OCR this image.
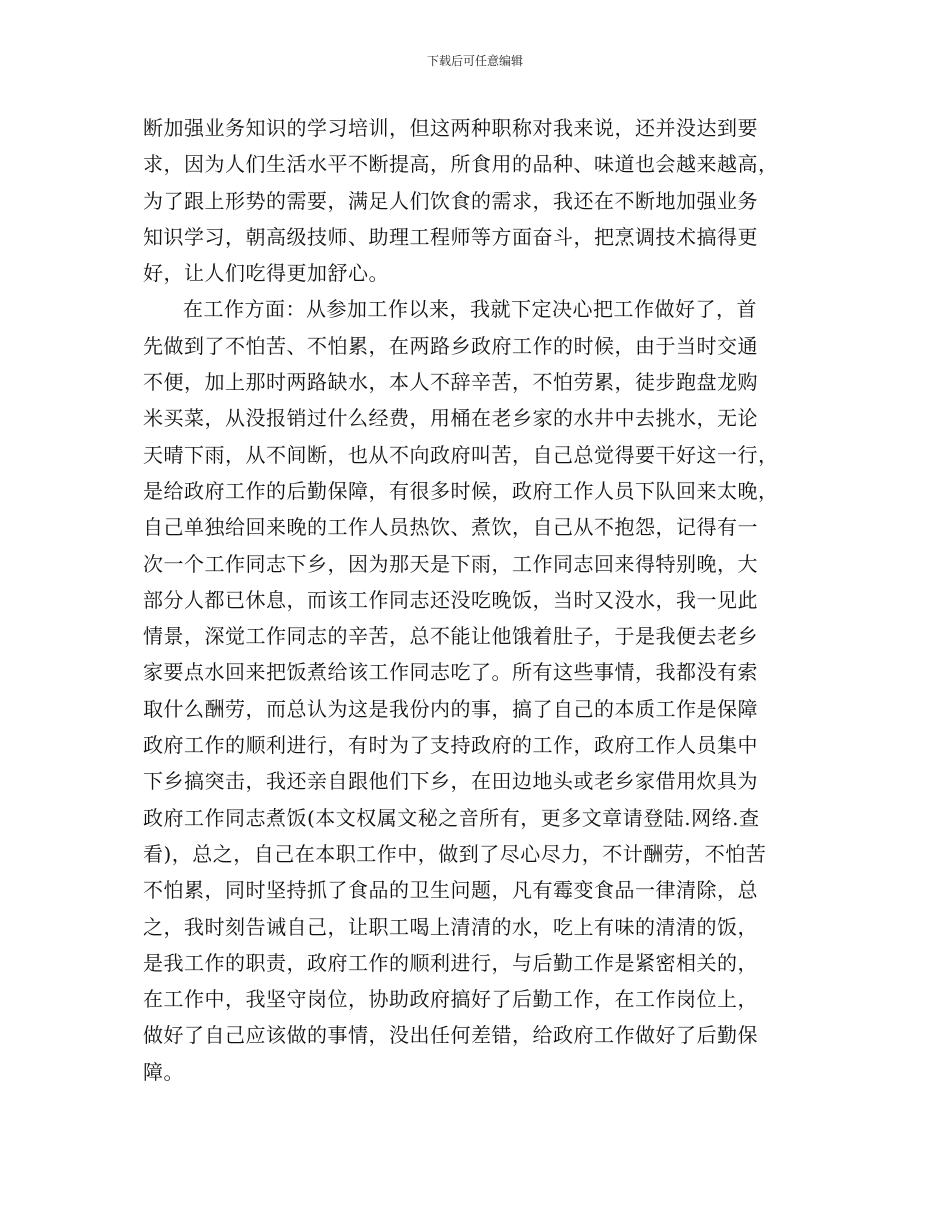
下载后可任意编辑
断加强业务知识的学习培训，但这两种职称对我来说，还并没达到要
求，因为人们生活水平不断提高，所食用的品种、味道也会越来越高，
为了跟上形势的需要，满足人们饮食的需求，我还在不断地加强业务
知识学习，朝高级技师、助理工程师等方面奋斗，把烹调技术搞得更
好，让人们吃得更加舒心。
在工作方面：从参加工作以来，我就下定决心把工作做好了，首
先做到了不怕苦、不怕累，在两路乡政府工作的时候，由于当时交通
不便，加上那时两路缺水，本人不辞辛苦，不怕劳累，徒步跑盘龙购
米买菜，从没报销过什么经费，用桶在老乡家的水井中去挑水，无论
天晴下雨，从不间断，也从不向政府叫苦，自己总觉得要干好这一行，
是给政府工作的后勤保障，有很多时候，政府工作人员下队回来太晚，
自己单独给回来晚的工作人员热饮、煮饮，自己从不抱怨，记得有一
次一个工作同志下乡，因为那天是下雨，工作同志回来得特别晚，大
部分人都已休息，而该工作同志还没吃晚饭，当时又没水，我一见此
情景，深觉工作同志的辛苦，总不能让他饿着肚子，于是我便去老乡
家要点水回来把饭煮给该工作同志吃了。所有这些事情，我都没有索
取什么酬劳，而总认为这是我份内的事，搞了自己的本质工作是保障
政府工作的顺利进行，有时为了支持政府的工作，政府工作人员集中
下乡搞突击，我还亲自跟他们下乡，在田边地头或老乡家借用炊具为
政府工作同志煮饭(本文权属文秘之音所有，更多文章请登陆.网络.查
看)，总之，自己在本职工作中，做到了尽心尽力，不计酬劳，不怕苦
不怕累，同时坚持抓了食品的卫生问题，凡有霉变食品一律清除，总
之，我时刻告诫自己，让职工喝上清清的水，吃上有味的清清的饭，
是我工作的职责，政府工作的顺利进行，与后勤工作是紧密相关的，
在工作中，我坚守岗位，协助政府搞好了后勤工作，在工作岗位上，
做好了自己应该做的事情，没出任何差错，给政府工作做好了后勤保
障。
